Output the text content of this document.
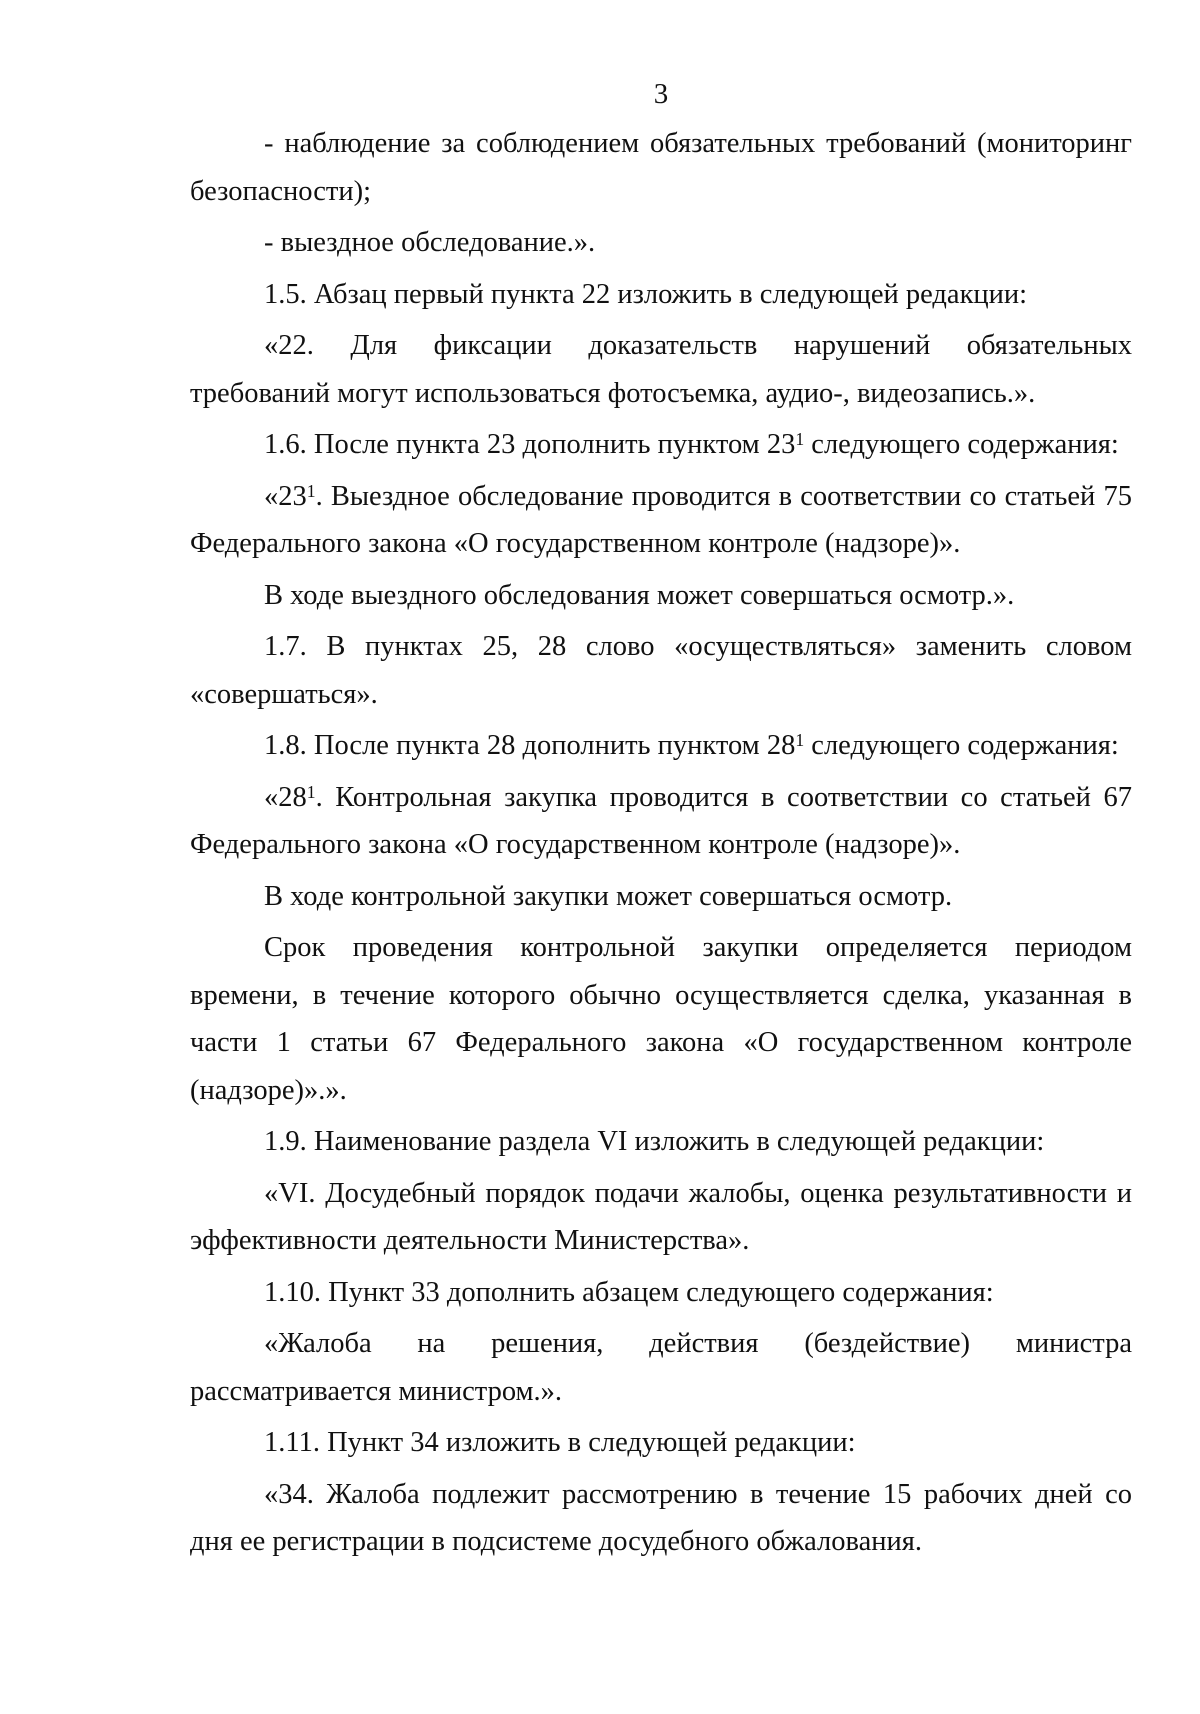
3

- наблюдение за соблюдением обязательных требований (мониторинг безопасности);

- выездное обследование.».

1.5. Абзац первый пункта 22 изложить в следующей редакции:

«22. Для фиксации доказательств нарушений обязательных требований могут использоваться фотосъемка, аудио-, видеозапись.».

1.6. После пункта 23 дополнить пунктом $23^1$ следующего содержания:

«$23^1$. Выездное обследование проводится в соответствии со статьей 75 Федерального закона «О государственном контроле (надзоре)».

В ходе выездного обследования может совершаться осмотр.».

1.7. В пунктах 25, 28 слово «осуществляться» заменить словом «совершаться».

1.8. После пункта 28 дополнить пунктом $28^1$ следующего содержания:

«$28^1$. Контрольная закупка проводится в соответствии со статьей 67 Федерального закона «О государственном контроле (надзоре)».

В ходе контрольной закупки может совершаться осмотр.

Срок проведения контрольной закупки определяется периодом времени, в течение которого обычно осуществляется сделка, указанная в части 1 статьи 67 Федерального закона «О государственном контроле (надзоре)».».

1.9. Наименование раздела VI изложить в следующей редакции:

«VI. Досудебный порядок подачи жалобы, оценка результативности и эффективности деятельности Министерства».

1.10. Пункт 33 дополнить абзацем следующего содержания:

«Жалоба на решения, действия (бездействие) министра рассматривается министром.».

1.11. Пункт 34 изложить в следующей редакции:

«34. Жалоба подлежит рассмотрению в течение 15 рабочих дней со дня ее регистрации в подсистеме досудебного обжалования.
